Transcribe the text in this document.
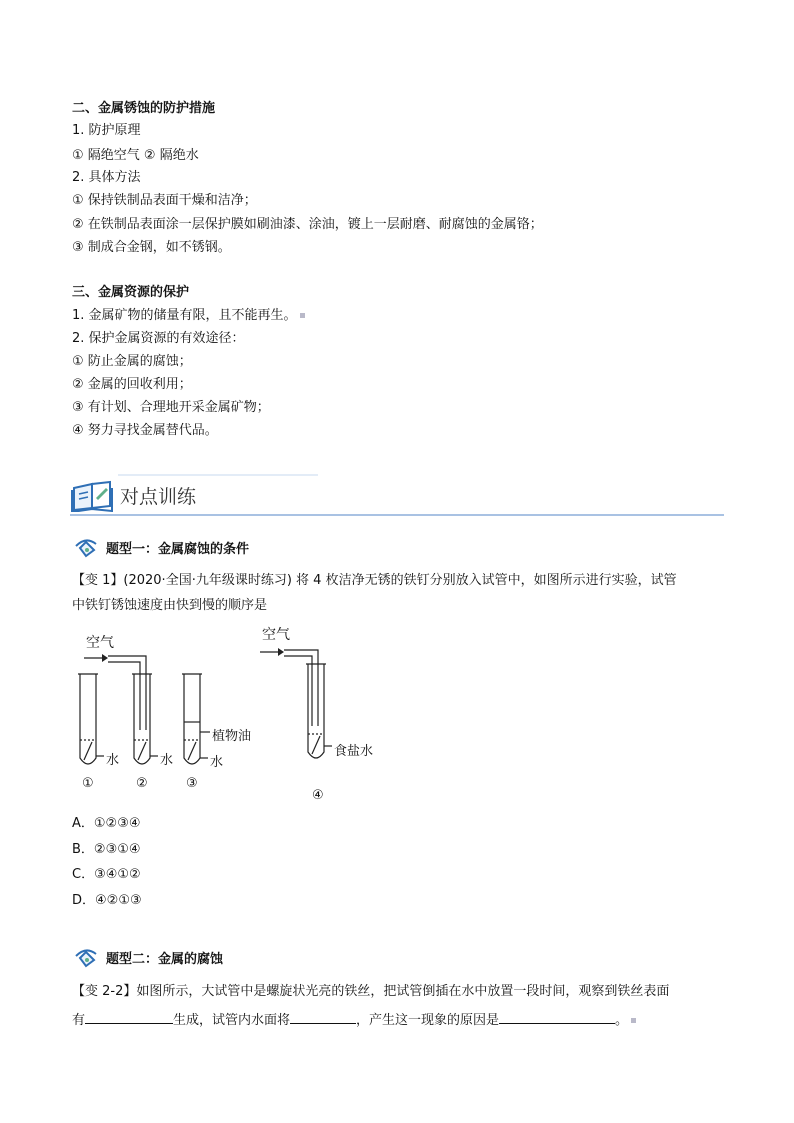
二、金属锈蚀的防护措施
1. 防护原理
① 隔绝空气 ② 隔绝水
2. 具体方法
① 保持铁制品表面干燥和洁净；
② 在铁制品表面涂一层保护膜如刷油漆、涂油，镀上一层耐磨、耐腐蚀的金属铬；
③ 制成合金钢，如不锈钢。
三、金属资源的保护
1. 金属矿物的储量有限，且不能再生。
2. 保护金属资源的有效途径：
① 防止金属的腐蚀；
② 金属的回收利用；
③ 有计划、合理地开采金属矿物；
④ 努力寻找金属替代品。
对点训练
题型一：金属腐蚀的条件
【变 1】(2020·全国·九年级课时练习) 将 4 枚洁净无锈的铁钉分别放入试管中，如图所示进行实验，试管
中铁钉锈蚀速度由快到慢的顺序是
空气	空气
水	水
植物油
水
食盐水
①	②	③
④
A．①②③④
B．②③①④
C．③④①②
D．④②①③
题型二：金属的腐蚀
【变 2-2】如图所示，大试管中是螺旋状光亮的铁丝，把试管倒插在水中放置一段时间，观察到铁丝表面
有	生成，试管内水面将	，产生这一现象的原因是	。
